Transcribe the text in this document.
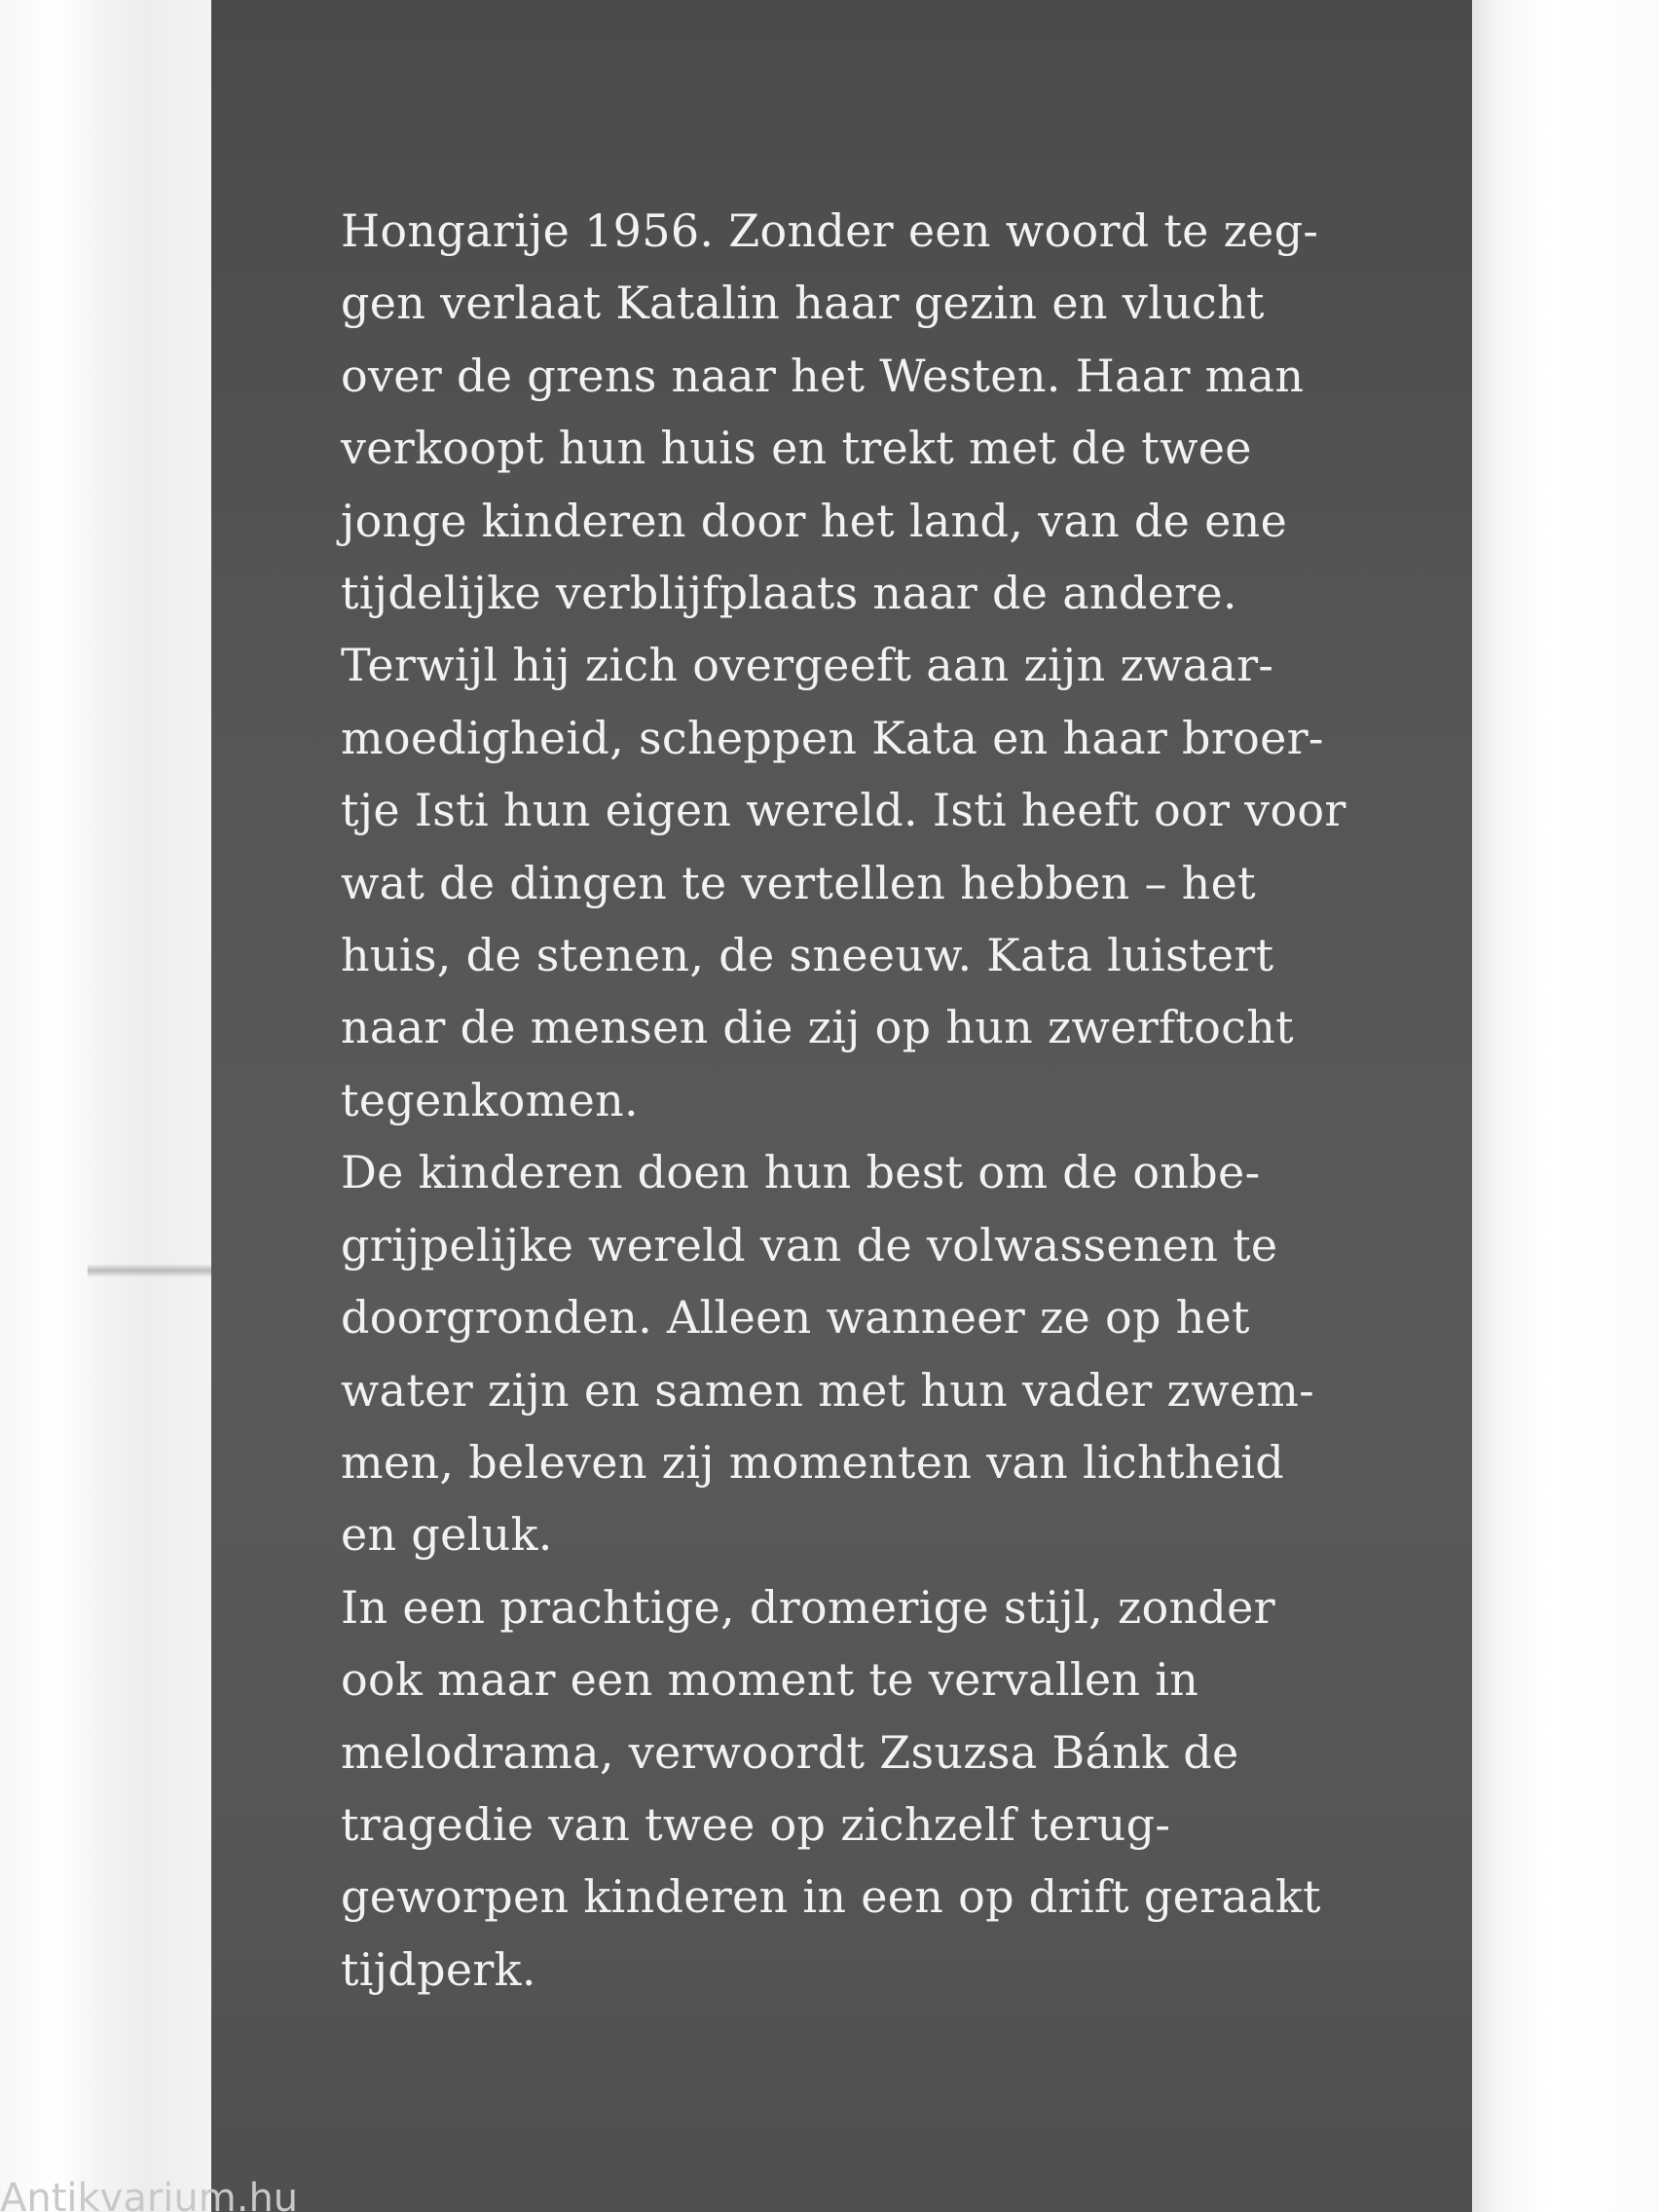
Hongarije 1956. Zonder een woord te zeg-
gen verlaat Katalin haar gezin en vlucht
over de grens naar het Westen. Haar man
verkoopt hun huis en trekt met de twee
jonge kinderen door het land, van de ene
tijdelijke verblijfplaats naar de andere.
Terwijl hij zich overgeeft aan zijn zwaar-
moedigheid, scheppen Kata en haar broer-
tje Isti hun eigen wereld. Isti heeft oor voor
wat de dingen te vertellen hebben – het
huis, de stenen, de sneeuw. Kata luistert
naar de mensen die zij op hun zwerftocht
tegenkomen.
De kinderen doen hun best om de onbe-
grijpelijke wereld van de volwassenen te
doorgronden. Alleen wanneer ze op het
water zijn en samen met hun vader zwem-
men, beleven zij momenten van lichtheid
en geluk.
In een prachtige, dromerige stijl, zonder
ook maar een moment te vervallen in
melodrama, verwoordt Zsuzsa Bánk de
tragedie van twee op zichzelf terug-
geworpen kinderen in een op drift geraakt
tijdperk.
Antikvarium.hu
